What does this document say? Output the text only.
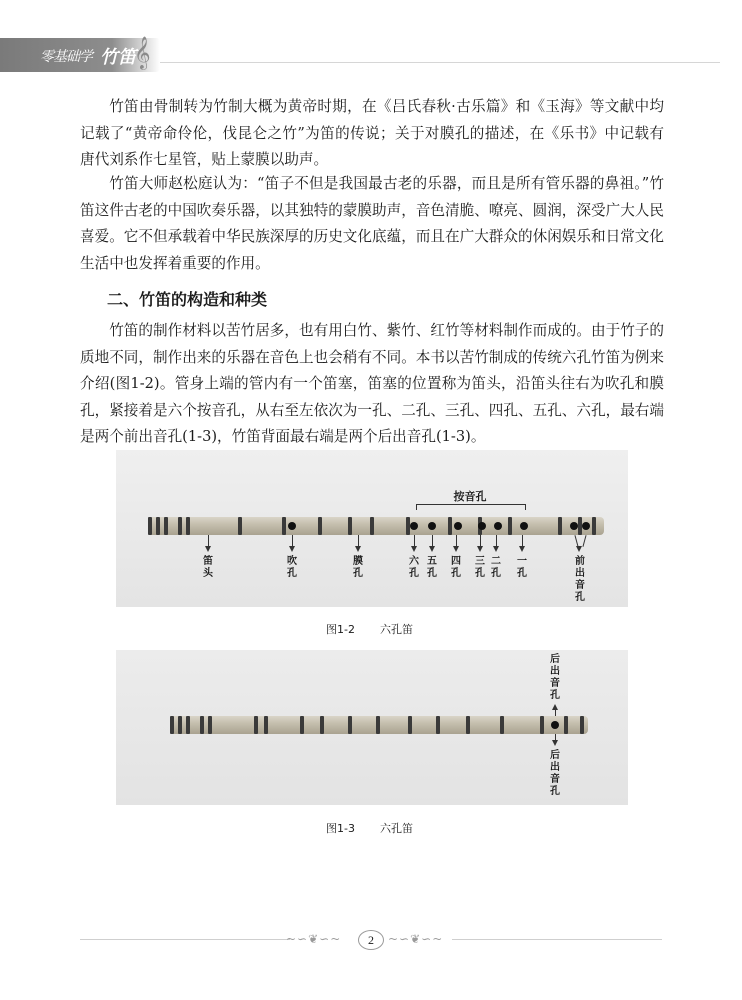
零基础学 竹笛
𝄞

竹笛由骨制转为竹制大概为黄帝时期，在《吕氏春秋·古乐篇》和《玉海》等文献中均记载了“黄帝命伶伦，伐昆仑之竹”为笛的传说；关于对膜孔的描述，在《乐书》中记载有唐代刘系作七星管，贴上蒙膜以助声。

竹笛大师赵松庭认为：“笛子不但是我国最古老的乐器，而且是所有管乐器的鼻祖。”竹笛这件古老的中国吹奏乐器，以其独特的蒙膜助声，音色清脆、嘹亮、圆润，深受广大人民喜爱。它不但承载着中华民族深厚的历史文化底蕴，而且在广大群众的休闲娱乐和日常文化生活中也发挥着重要的作用。

二、竹笛的构造和种类

竹笛的制作材料以苦竹居多，也有用白竹、紫竹、红竹等材料制作而成的。由于竹子的质地不同，制作出来的乐器在音色上也会稍有不同。本书以苦竹制成的传统六孔竹笛为例来介绍(图1-2)。管身上端的管内有一个笛塞，笛塞的位置称为笛头，沿笛头往右为吹孔和膜孔，紧接着是六个按音孔，从右至左依次为一孔、二孔、三孔、四孔、五孔、六孔，最右端是两个前出音孔(1-3)，竹笛背面最右端是两个后出音孔(1-3)。

按音孔
笛头
吹孔
膜孔
六孔
五孔
四孔
三孔
二孔
一孔
前出音孔
图1-2 六孔笛
后出音孔
后出音孔
图1-3 六孔笛
~∽❦∽~	~∽❦∽~
2
